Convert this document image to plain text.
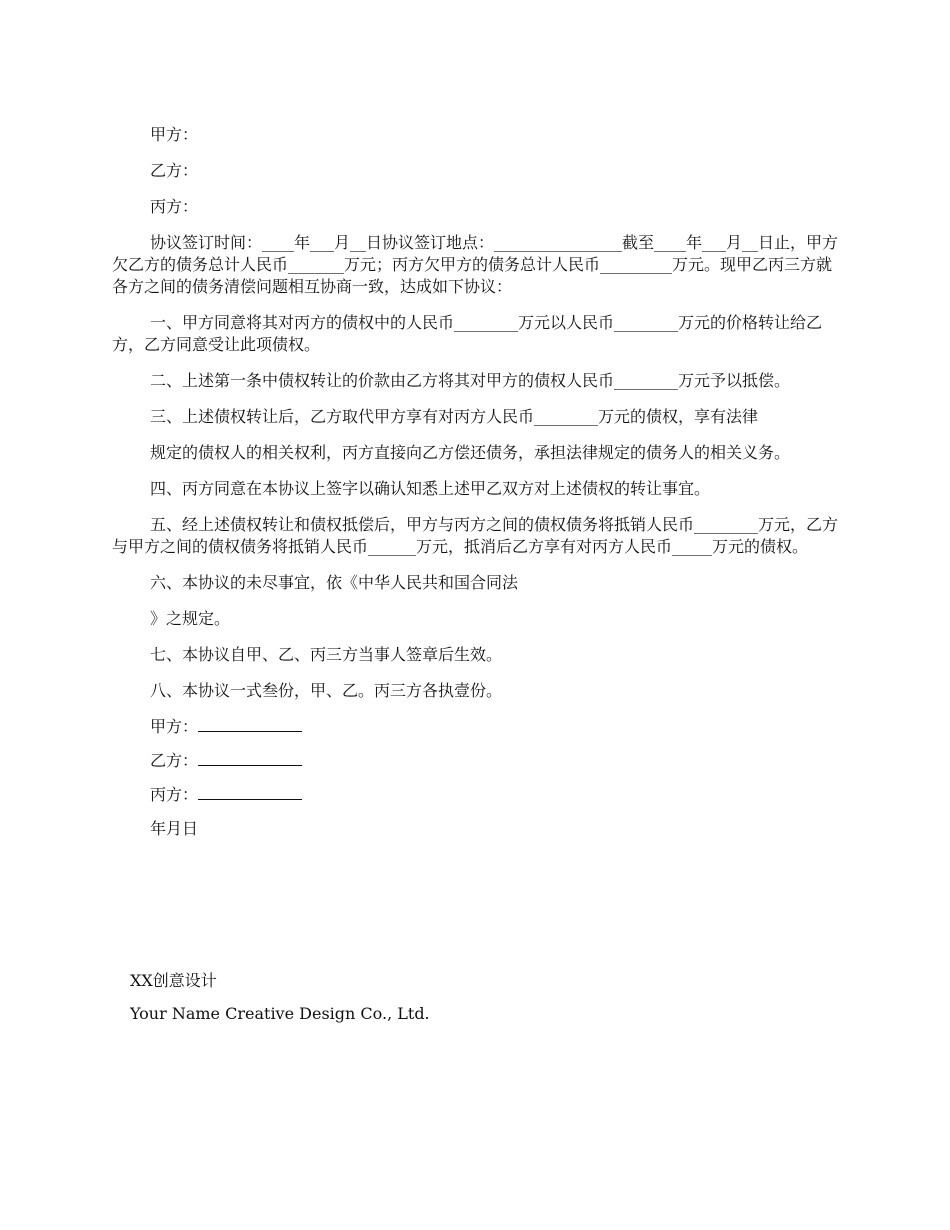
甲方：

乙方：

丙方：

协议签订时间：____年___月__日协议签订地点：________________截至____年___月__日止，甲方欠乙方的债务总计人民币_______万元；丙方欠甲方的债务总计人民币_________万元。现甲乙丙三方就各方之间的债务清偿问题相互协商一致，达成如下协议：

一、甲方同意将其对丙方的债权中的人民币________万元以人民币________万元的价格转让给乙方，乙方同意受让此项债权。

二、上述第一条中债权转让的价款由乙方将其对甲方的债权人民币________万元予以抵偿。

三、上述债权转让后，乙方取代甲方享有对丙方人民币________万元的债权，享有法律

规定的债权人的相关权利，丙方直接向乙方偿还债务，承担法律规定的债务人的相关义务。

四、丙方同意在本协议上签字以确认知悉上述甲乙双方对上述债权的转让事宜。

五、经上述债权转让和债权抵偿后，甲方与丙方之间的债权债务将抵销人民币________万元，乙方与甲方之间的债权债务将抵销人民币______万元，抵消后乙方享有对丙方人民币_____万元的债权。

六、本协议的未尽事宜，依《中华人民共和国合同法

》之规定。

七、本协议自甲、乙、丙三方当事人签章后生效。

八、本协议一式叁份，甲、乙。丙三方各执壹份。

甲方：

乙方：

丙方：

年月日

XX创意设计
Your Name Creative Design Co., Ltd.
